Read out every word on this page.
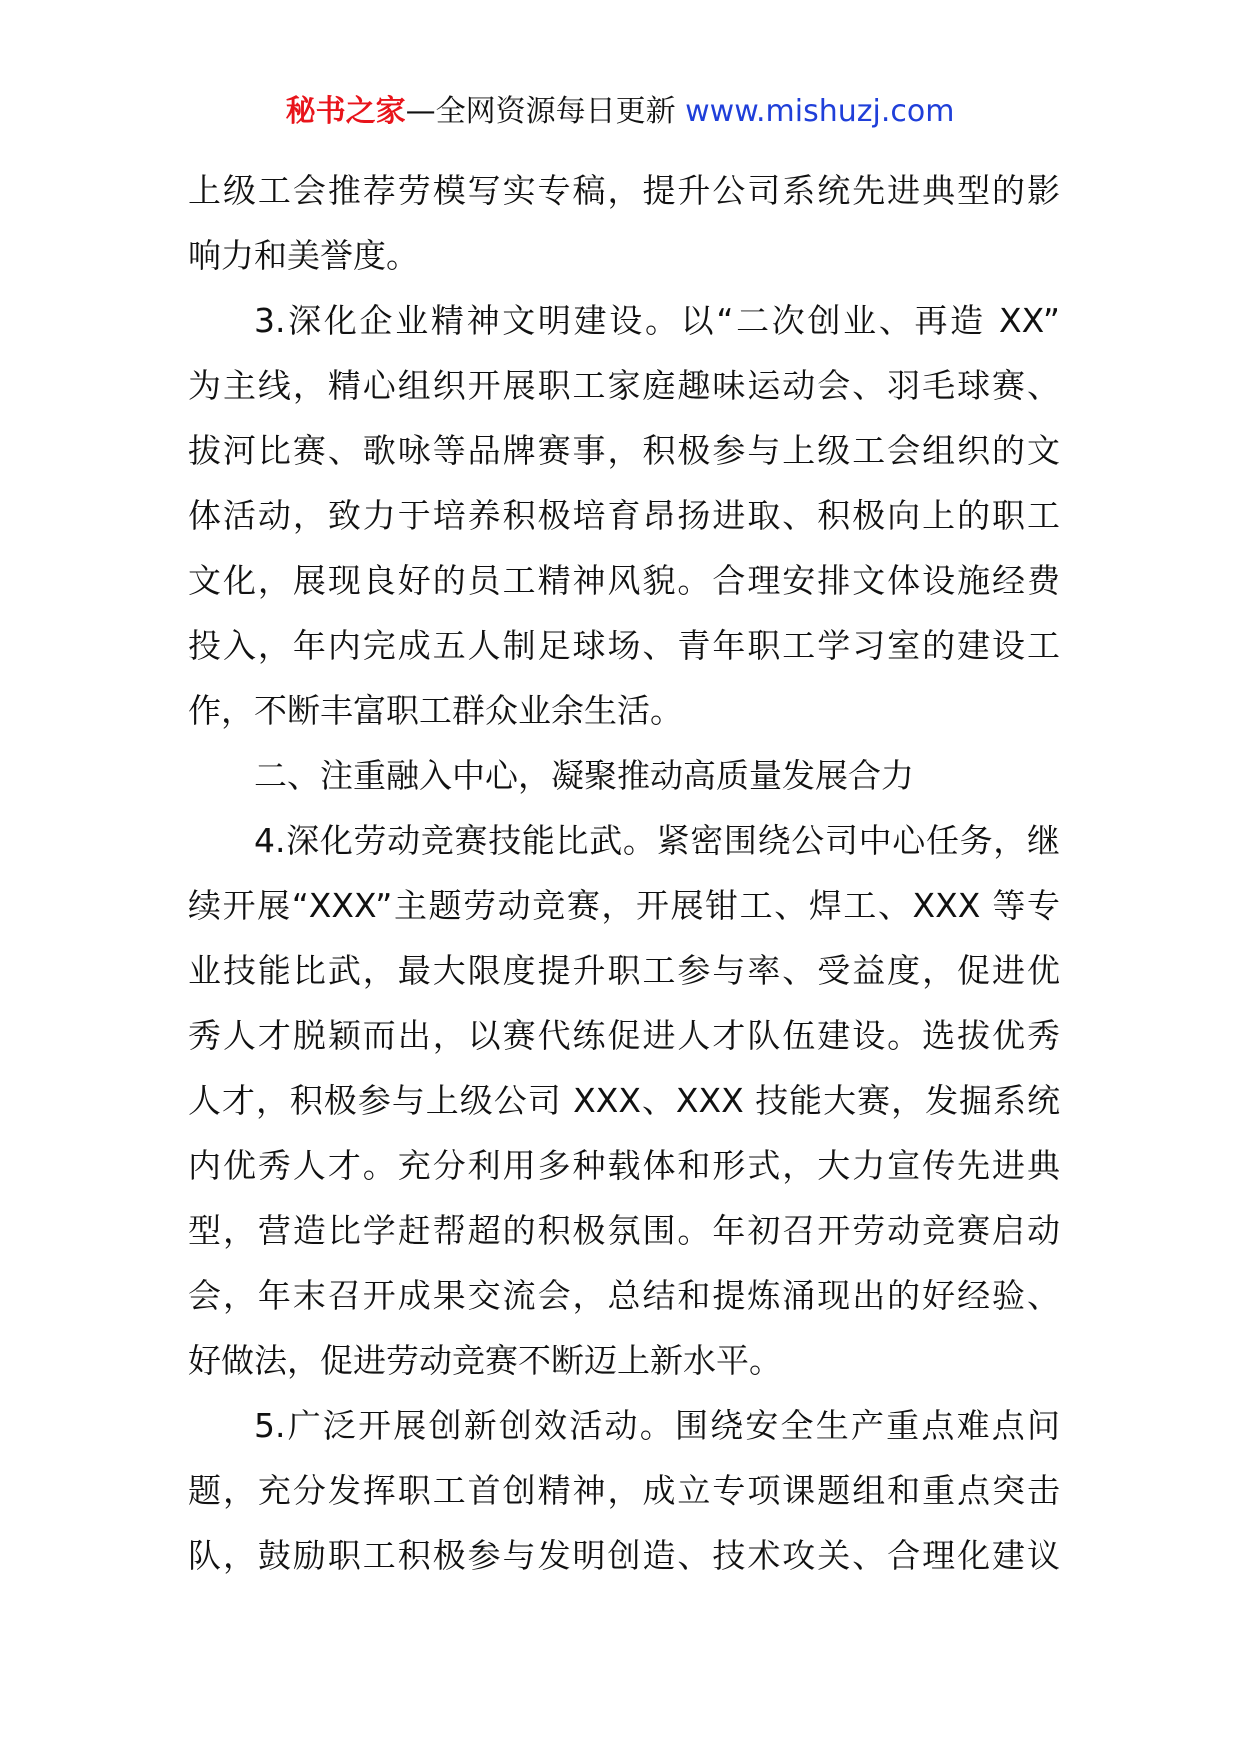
秘书之家—全网资源每日更新 www.mishuzj.com
上级工会推荐劳模写实专稿，提升公司系统先进典型的影
响力和美誉度。
3.深化企业精神文明建设。以“二次创业、再造 XX”
为主线，精心组织开展职工家庭趣味运动会、羽毛球赛、
拔河比赛、歌咏等品牌赛事，积极参与上级工会组织的文
体活动，致力于培养积极培育昂扬进取、积极向上的职工
文化，展现良好的员工精神风貌。合理安排文体设施经费
投入，年内完成五人制足球场、青年职工学习室的建设工
作，不断丰富职工群众业余生活。
二、注重融入中心，凝聚推动高质量发展合力
4.深化劳动竞赛技能比武。紧密围绕公司中心任务，继
续开展“XXX”主题劳动竞赛，开展钳工、焊工、XXX 等专
业技能比武，最大限度提升职工参与率、受益度，促进优
秀人才脱颖而出，以赛代练促进人才队伍建设。选拔优秀
人才，积极参与上级公司 XXX、XXX 技能大赛，发掘系统
内优秀人才。充分利用多种载体和形式，大力宣传先进典
型，营造比学赶帮超的积极氛围。年初召开劳动竞赛启动
会，年末召开成果交流会，总结和提炼涌现出的好经验、
好做法，促进劳动竞赛不断迈上新水平。
5.广泛开展创新创效活动。围绕安全生产重点难点问
题，充分发挥职工首创精神，成立专项课题组和重点突击
队，鼓励职工积极参与发明创造、技术攻关、合理化建议
